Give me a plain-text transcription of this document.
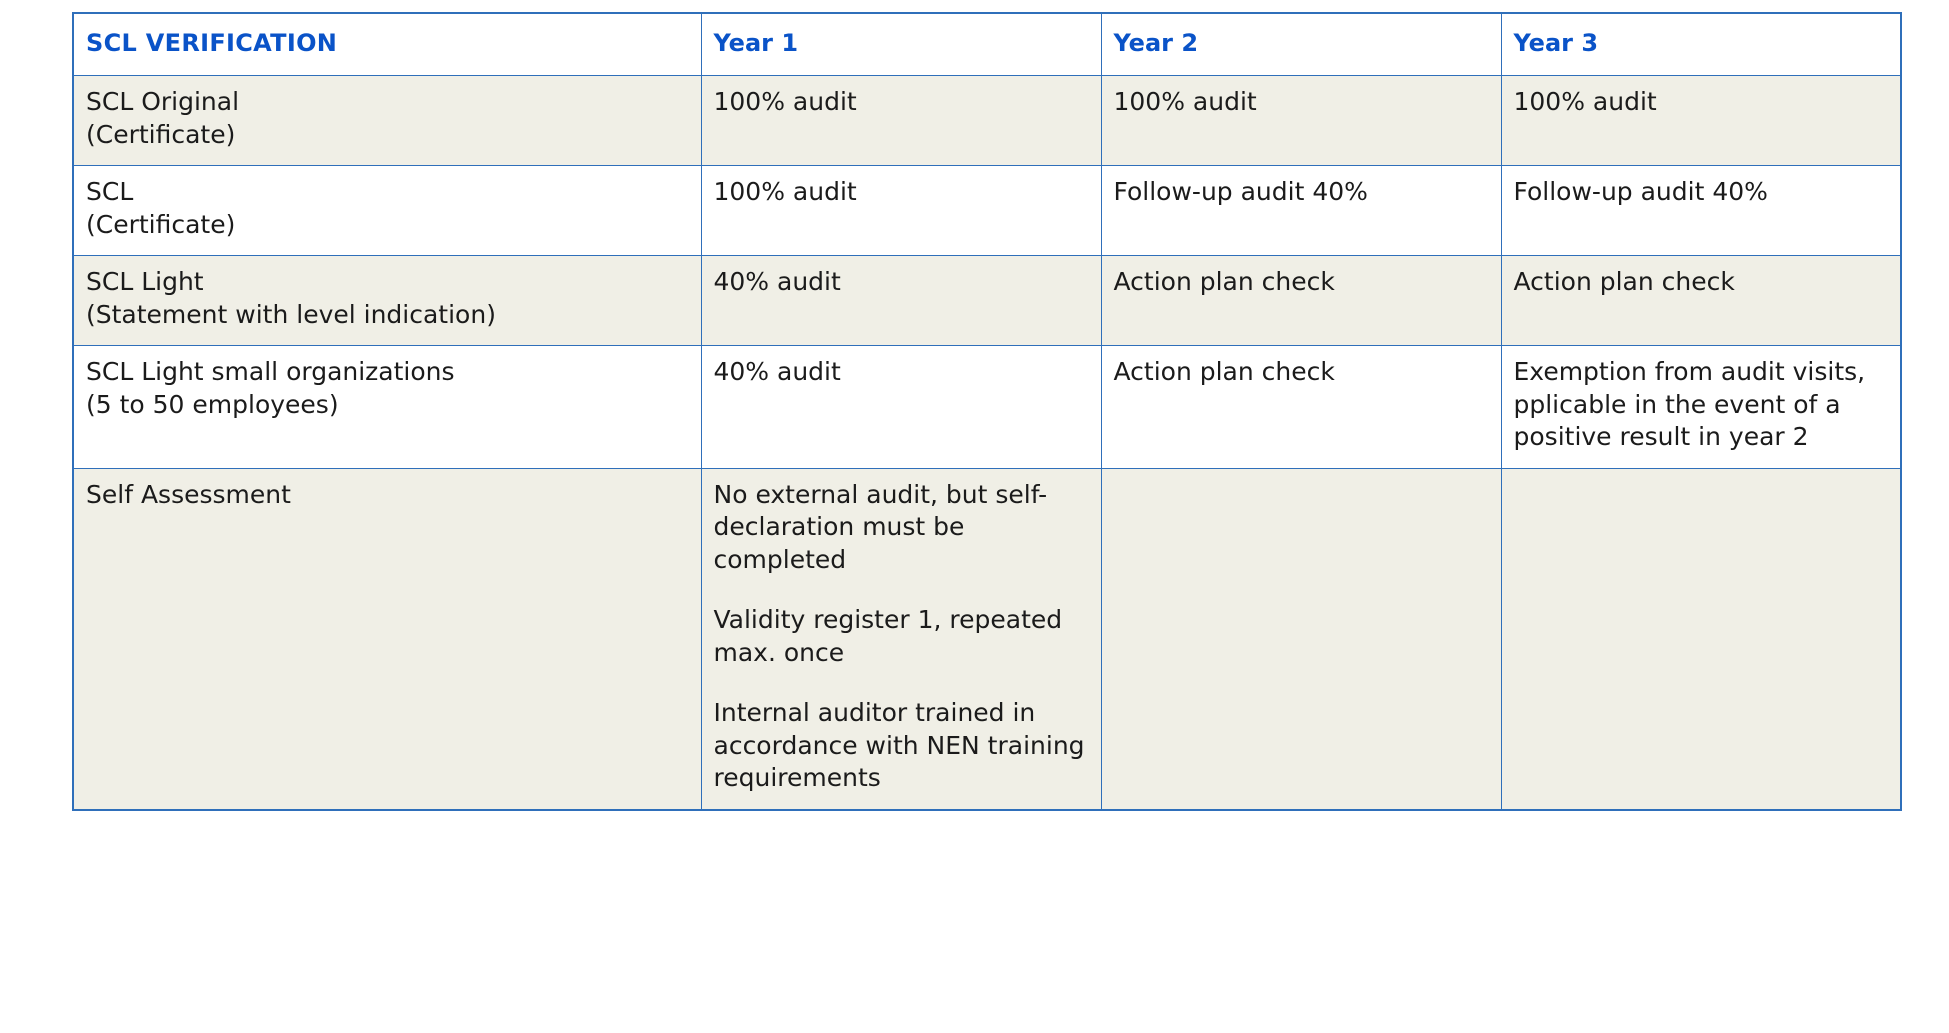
SCL VERIFICATION	Year 1	Year 2	Year 3

SCL Original
(Certificate)	100% audit	100% audit	100% audit

SCL
(Certificate)	100% audit	Follow-up audit 40%	Follow-up audit 40%

SCL Light
(Statement with level indication)	40% audit	Action plan check	Action plan check

SCL Light small organizations
(5 to 50 employees)	40% audit	Action plan check	Exemption from audit visits, pplicable in the event of a positive result in year 2

Self Assessment	No external audit, but self-declaration must be completed
Validity register 1, repeated max. once
Internal auditor trained in accordance with NEN training requirements		
